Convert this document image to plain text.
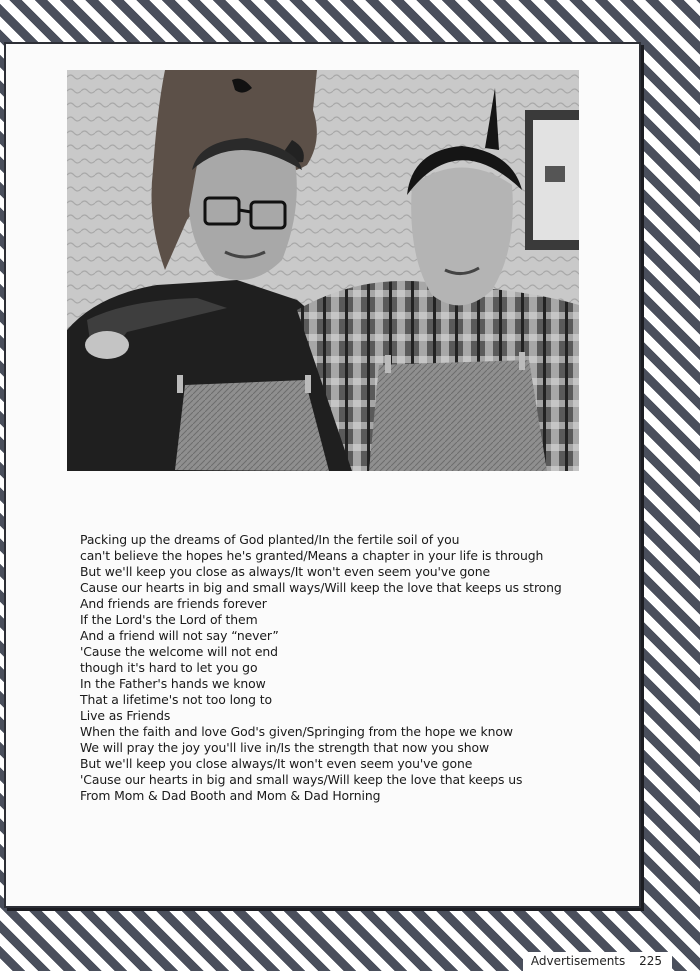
Packing up the dreams of God planted/In the fertile soil of you
can't believe the hopes he's granted/Means a chapter in your life is through
But we'll keep you close as always/It won't even seem you've gone
Cause our hearts in big and small ways/Will keep the love that keeps us strong
And friends are friends forever
If the Lord's the Lord of them
And a friend will not say “never”
'Cause the welcome will not end
though it's hard to let you go
In the Father's hands we know
That a lifetime's not too long to
Live as Friends
When the faith and love God's given/Springing from the hope we know
We will pray the joy you'll live in/Is the strength that now you show
But we'll keep you close always/It won't even seem you've gone
'Cause our hearts in big and small ways/Will keep the love that keeps us
From Mom & Dad Booth and Mom & Dad Horning
Advertisements 225
